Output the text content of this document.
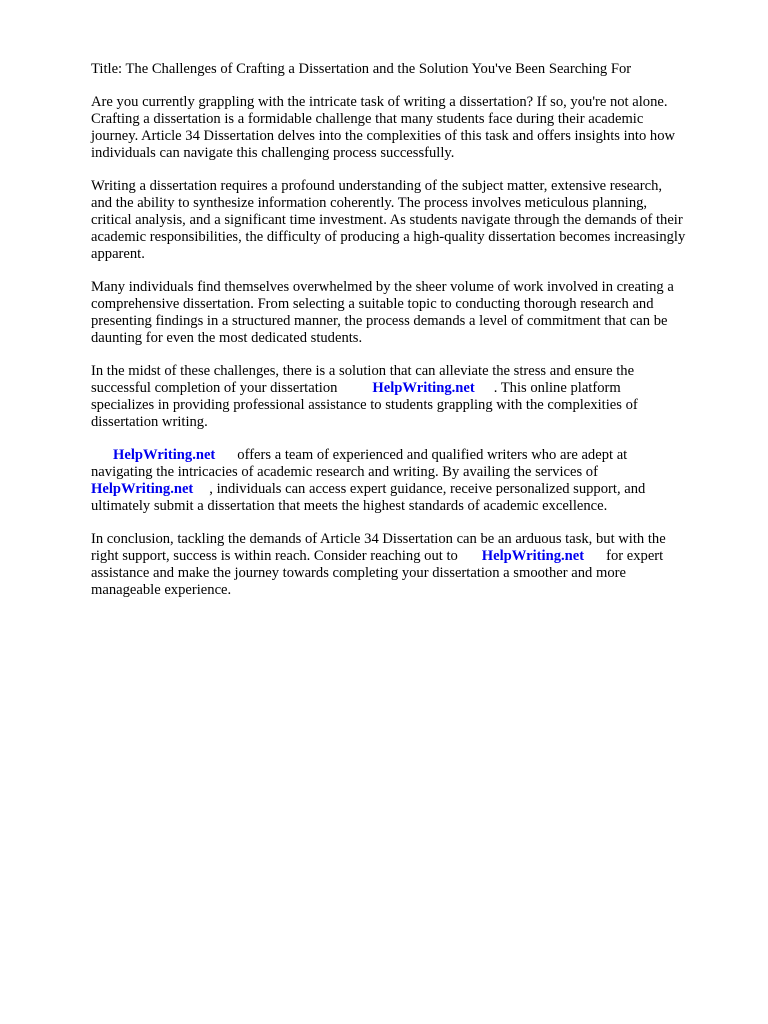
Title: The Challenges of Crafting a Dissertation and the Solution You've Been Searching For
Are you currently grappling with the intricate task of writing a dissertation? If so, you're not alone.
Crafting a dissertation is a formidable challenge that many students face during their academic
journey. Article 34 Dissertation delves into the complexities of this task and offers insights into how
individuals can navigate this challenging process successfully.
Writing a dissertation requires a profound understanding of the subject matter, extensive research,
and the ability to synthesize information coherently. The process involves meticulous planning,
critical analysis, and a significant time investment. As students navigate through the demands of their
academic responsibilities, the difficulty of producing a high-quality dissertation becomes increasingly
apparent.
Many individuals find themselves overwhelmed by the sheer volume of work involved in creating a
comprehensive dissertation. From selecting a suitable topic to conducting thorough research and
presenting findings in a structured manner, the process demands a level of commitment that can be
daunting for even the most dedicated students.
In the midst of these challenges, there is a solution that can alleviate the stress and ensure the
successful completion of your dissertation HelpWriting.net . This online platform
specializes in providing professional assistance to students grappling with the complexities of
dissertation writing.
HelpWriting.net offers a team of experienced and qualified writers who are adept at
navigating the intricacies of academic research and writing. By availing the services of
HelpWriting.net , individuals can access expert guidance, receive personalized support, and
ultimately submit a dissertation that meets the highest standards of academic excellence.
In conclusion, tackling the demands of Article 34 Dissertation can be an arduous task, but with the
right support, success is within reach. Consider reaching out to HelpWriting.net for expert
assistance and make the journey towards completing your dissertation a smoother and more
manageable experience.
